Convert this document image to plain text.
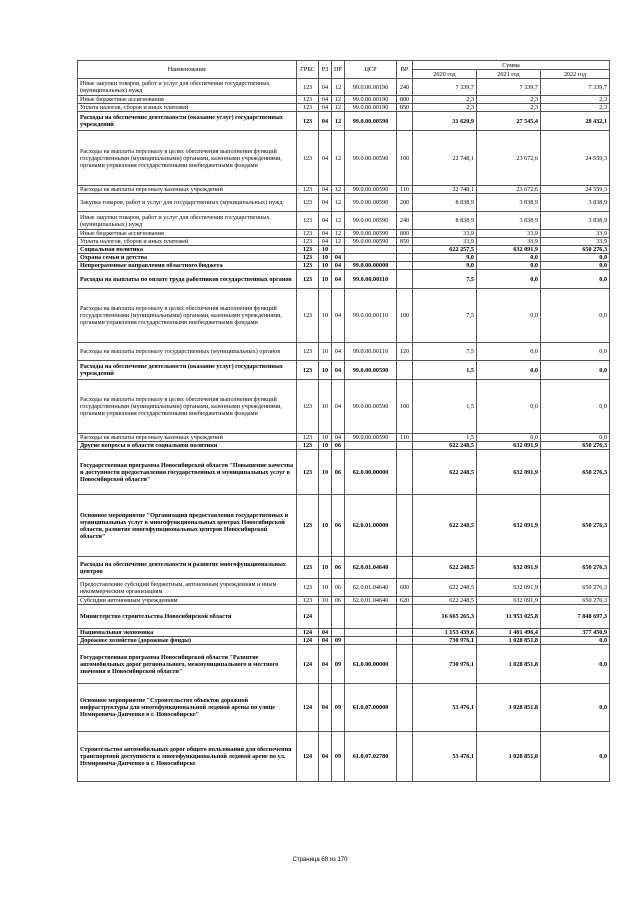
Наименование	ГРБС	РЗ	ПР	ЦСР	ВР	Сумма		
						2020 год	2021 год	2022 год
Иные закупки товаров, работ и услуг для обеспечения государственных (муниципальных) нужд	123	04	12	99.0.00.00190	240	7 339,7	7 339,7	7 339,7
Иные бюджетные ассигнования	123	04	12	99.0.00.00190	800	2,3	2,3	2,3
Уплата налогов, сборов и иных платежей	123	04	12	99.0.00.00190	850	2,3	2,3	2,3
Расходы на обеспечение деятельности (оказание услуг) государственных учреждений	123	04	12	99.0.00.00590		31 620,9	27 545,4	28 432,1
Расходы на выплаты персоналу в целях обеспечения выполнения функций государственными (муниципальными) органами, казенными учреждениями, органами управления государственными внебюджетными фондами	123	04	12	99.0.00.00590	100	22 748,1	23 672,6	24 559,3
Расходы на выплаты персоналу казенных учреждений	123	04	12	99.0.00.00590	110	22 748,1	23 672,6	24 559,3
Закупка товаров, работ и услуг для государственных (муниципальных) нужд	123	04	12	99.0.00.00590	200	8 838,9	3 838,9	3 838,9
Иные закупки товаров, работ и услуг для обеспечения государственных (муниципальных) нужд	123	04	12	99.0.00.00590	240	8 838,9	3 838,9	3 838,9
Иные бюджетные ассигнования	123	04	12	99.0.00.00590	800	33,9	33,9	33,9
Уплата налогов, сборов и иных платежей	123	04	12	99.0.00.00590	850	33,9	33,9	33,9
Социальная политика	123	10				622 257,5	632 091,9	650 276,3
Охрана семьи и детства	123	10	04			9,0	0,0	0,0
Непрограммные направления областного бюджета	123	10	04	99.0.00.00000		9,0	0,0	0,0
Расходы на выплаты по оплате труда работников государственных органов	123	10	04	99.0.00.00110		7,5	0,0	0,0
Расходы на выплаты персоналу в целях обеспечения выполнения функций государственными (муниципальными) органами, казенными учреждениями, органами управления государственными внебюджетными фондами	123	10	04	99.0.00.00110	100	7,5	0,0	0,0
Расходы на выплаты персоналу государственных (муниципальных) органов	123	10	04	99.0.00.00110	120	7,5	0,0	0,0
Расходы на обеспечение деятельности (оказание услуг) государственных учреждений	123	10	04	99.0.00.00590		1,5	0,0	0,0
Расходы на выплаты персоналу в целях обеспечения выполнения функций государственными (муниципальными) органами, казенными учреждениями, органами управления государственными внебюджетными фондами	123	10	04	99.0.00.00590	100	1,5	0,0	0,0
Расходы на выплаты персоналу казенных учреждений	123	10	04	99.0.00.00590	110	1,5	0,0	0,0
Другие вопросы в области социальной политики	123	10	06			622 248,5	632 091,9	650 276,3
Государственная программа Новосибирской области "Повышение качества и доступности предоставления государственных и муниципальных услуг в Новосибирской области"	123	10	06	62.0.00.00000		622 248,5	632 091,9	650 276,3
Основное мероприятие "Организация предоставления государственных и муниципальных услуг в многофункциональных центрах Новосибирской области, развитие многофункциональных центров Новосибирской области"	123	10	06	62.0.01.00000		622 248,5	632 091,9	650 276,3
Расходы на обеспечение деятельности и развитие многофункциональных центров	123	10	06	62.0.01.04640		622 248,5	632 091,9	650 276,3
Предоставление субсидий бюджетным, автономным учреждениям и иным некоммерческим организациям	123	10	06	62.0.01.04640	600	622 248,5	632 091,9	650 276,3
Субсидии автономным учреждениям	123	10	06	62.0.01.04640	620	622 248,5	632 091,9	650 276,3
Министерство строительства Новосибирской области	124					16 665 265,3	11 953 025,8	7 848 697,3
Национальная экономика	124	04				1 153 439,6	1 401 496,4	377 450,9
Дорожное хозяйство (дорожные фонды)	124	04	09			730 976,1	1 028 851,8	0,0
Государственная программа Новосибирской области "Развитие автомобильных дорог регионального, межмуниципального и местного значения в Новосибирской области"	124	04	09	61.0.00.00000		730 976,1	1 028 851,8	0,0
Основное мероприятие "Строительство объектов дорожной инфраструктуры для многофункциональной ледовой арены по улице Немировича-Данченко в г. Новосибирске"	124	04	09	61.0.07.00000		53 476,1	1 028 851,8	0,0
Строительство автомобильных дорог общего пользования для обеспечения транспортной доступности к многофункциональной ледовой арене по ул. Немировича-Данченко в г. Новосибирске	124	04	09	61.0.07.02780		53 476,1	1 028 851,8	0,0
Страница 68 из 170
